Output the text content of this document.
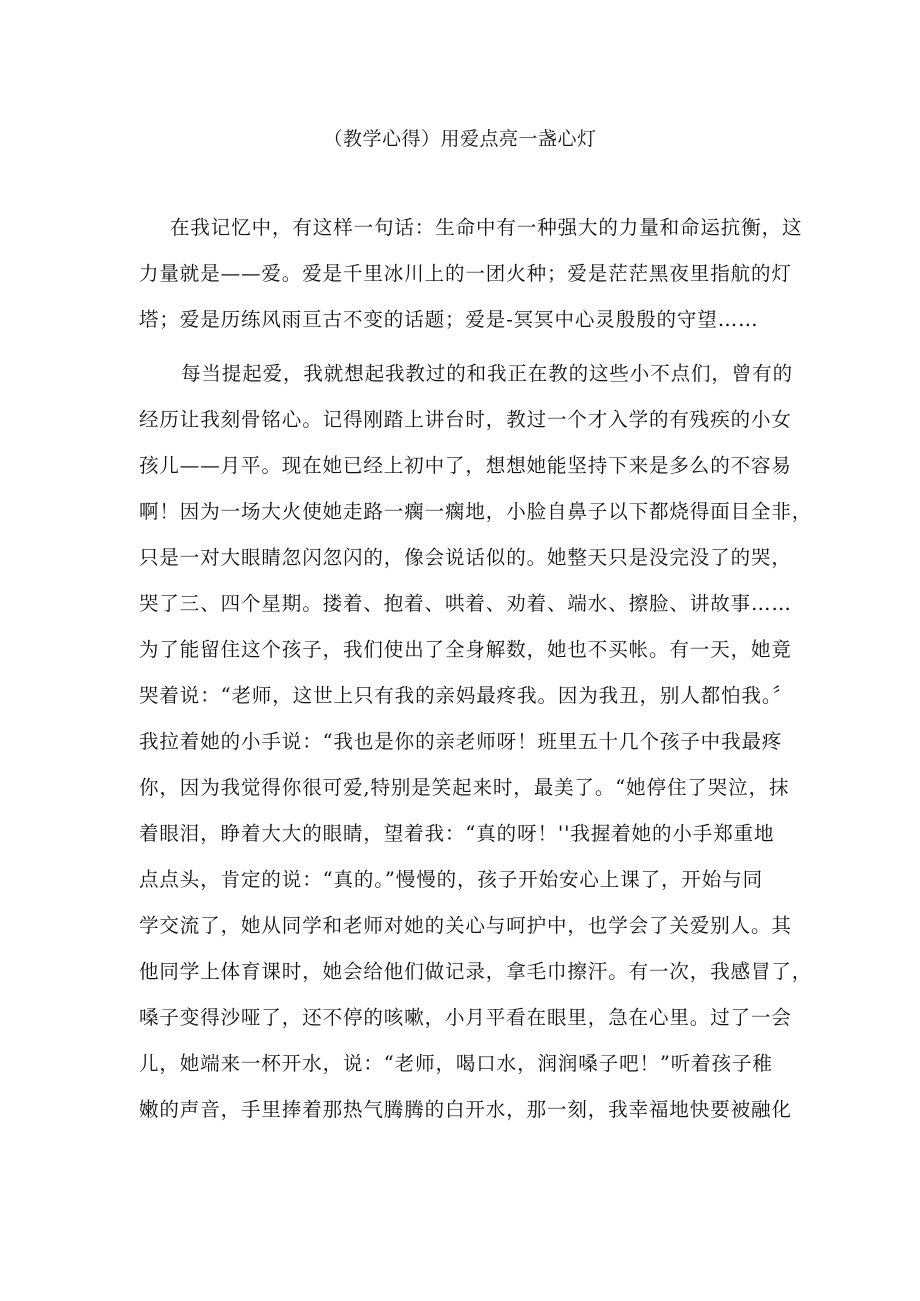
（教学心得）用爱点亮一盏心灯
在我记忆中，有这样一句话：生命中有一种强大的力量和命运抗衡，这
力量就是——爱。爱是千里冰川上的一团火种；爱是茫茫黑夜里指航的灯
塔；爱是历练风雨亘古不变的话题；爱是-冥冥中心灵殷殷的守望……
每当提起爱，我就想起我教过的和我正在教的这些小不点们，曾有的
经历让我刻骨铭心。记得刚踏上讲台时，教过一个才入学的有残疾的小女
孩儿——月平。现在她已经上初中了，想想她能坚持下来是多么的不容易
啊！因为一场大火使她走路一瘸一瘸地，小脸自鼻子以下都烧得面目全非，
只是一对大眼睛忽闪忽闪的，像会说话似的。她整天只是没完没了的哭，
哭了三、四个星期。搂着、抱着、哄着、劝着、端水、擦脸、讲故事……
为了能留住这个孩子，我们使出了全身解数，她也不买帐。有一天，她竟
哭着说：“老师，这世上只有我的亲妈最疼我。因为我丑，别人都怕我。〞
我拉着她的小手说：“我也是你的亲老师呀！班里五十几个孩子中我最疼
你，因为我觉得你很可爱,特别是笑起来时，最美了。“她停住了哭泣，抹
着眼泪，睁着大大的眼睛，望着我：“真的呀！''我握着她的小手郑重地
点点头，肯定的说：“真的。”慢慢的，孩子开始安心上课了，开始与同
学交流了，她从同学和老师对她的关心与呵护中，也学会了关爱别人。其
他同学上体育课时，她会给他们做记录，拿毛巾擦汗。有一次，我感冒了，
嗓子变得沙哑了，还不停的咳嗽，小月平看在眼里，急在心里。过了一会
儿，她端来一杯开水，说：“老师，喝口水，润润嗓子吧！”听着孩子稚
嫩的声音，手里捧着那热气腾腾的白开水，那一刻，我幸福地快要被融化
